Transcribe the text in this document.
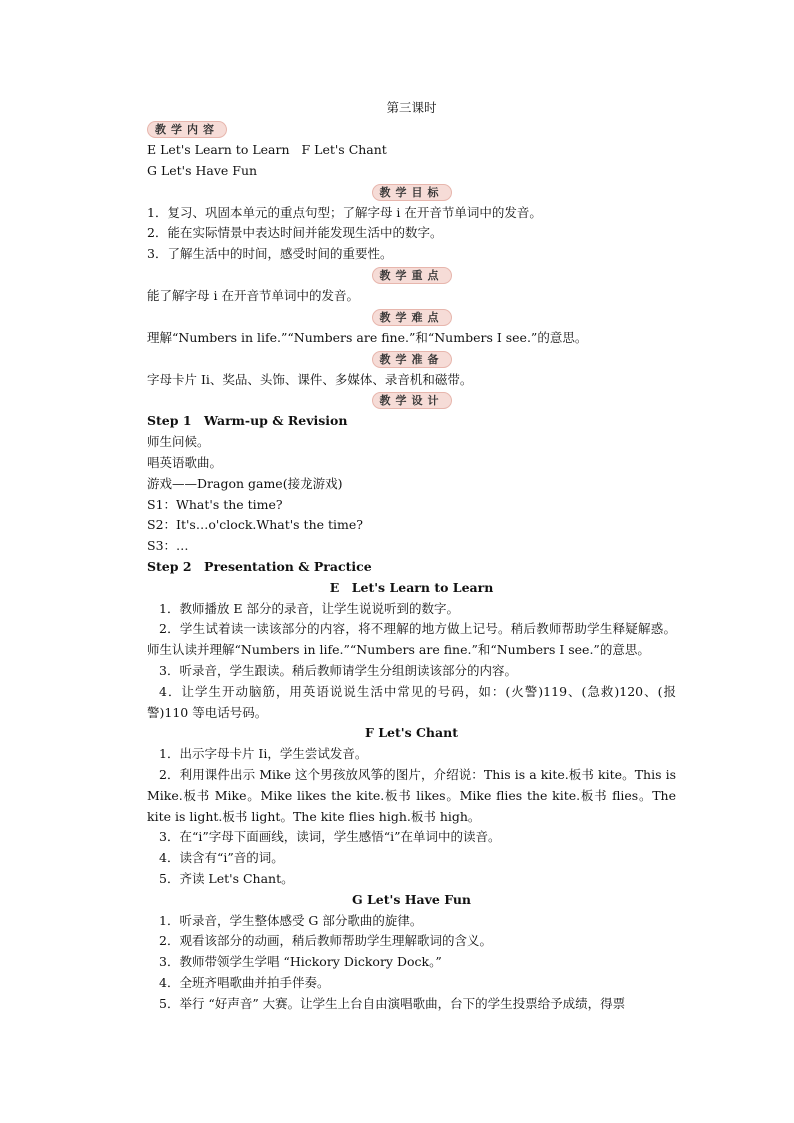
第三课时
教学内容
E Let's Learn to Learn F Let's Chant
G Let's Have Fun
教学目标
1．复习、巩固本单元的重点句型；了解字母 i 在开音节单词中的发音。
2．能在实际情景中表达时间并能发现生活中的数字。
3．了解生活中的时间，感受时间的重要性。
教学重点
能了解字母 i 在开音节单词中的发音。
教学难点
理解“Numbers in life.”“Numbers are fine.”和“Numbers I see.”的意思。
教学准备
字母卡片 Ii、奖品、头饰、课件、多媒体、录音机和磁带。
教学设计
Step 1　Warm-up & Revision
师生问候。
唱英语歌曲。
游戏——Dragon game(接龙游戏)
S1：What's the time?
S2：It's…o'clock.What's the time?
S3：…
Step 2　Presentation & Practice
E　Let's Learn to Learn
1．教师播放 E 部分的录音，让学生说说听到的数字。
2．学生试着读一读该部分的内容，将不理解的地方做上记号。稍后教师帮助学生释疑解惑。师生认读并理解“Numbers in life.”“Numbers are fine.”和“Numbers I see.”的意思。
3．听录音，学生跟读。稍后教师请学生分组朗读该部分的内容。
4．让学生开动脑筋，用英语说说生活中常见的号码，如：(火警)119、(急救)120、(报警)110 等电话号码。
F Let's Chant
1．出示字母卡片 Ii，学生尝试发音。
2．利用课件出示 Mike 这个男孩放风筝的图片，介绍说：This is a kite.板书 kite。This is Mike.板书 Mike。Mike likes the kite.板书 likes。Mike flies the kite.板书 flies。The kite is light.板书 light。The kite flies high.板书 high。
3．在“i”字母下面画线，读词，学生感悟“i”在单词中的读音。
4．读含有“i”音的词。
5．齐读 Let's Chant。
G Let's Have Fun
1．听录音，学生整体感受 G 部分歌曲的旋律。
2．观看该部分的动画，稍后教师帮助学生理解歌词的含义。
3．教师带领学生学唱 “Hickory Dickory Dock。”
4．全班齐唱歌曲并拍手伴奏。
5．举行 “好声音” 大赛。让学生上台自由演唱歌曲，台下的学生投票给予成绩，得票
